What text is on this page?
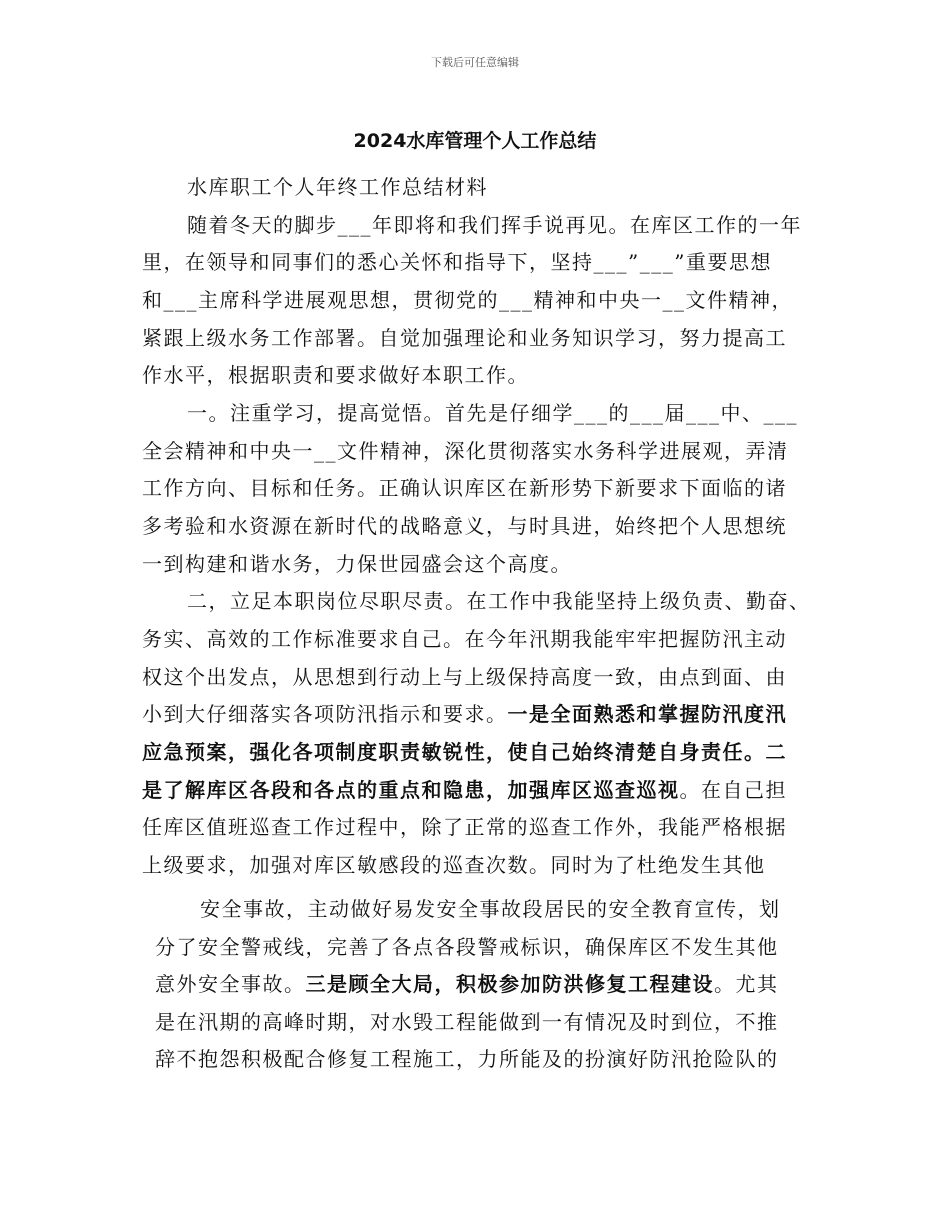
下载后可任意编辑
2024水库管理个人工作总结
水库职工个人年终工作总结材料
随着冬天的脚步___年即将和我们挥手说再见。在库区工作的一年
里，在领导和同事们的悉心关怀和指导下，坚持___”___”重要思想
和___主席科学进展观思想，贯彻党的___精神和中央一__文件精神，
紧跟上级水务工作部署。自觉加强理论和业务知识学习，努力提高工
作水平，根据职责和要求做好本职工作。
一。注重学习，提高觉悟。首先是仔细学___的___届___中、___
全会精神和中央一__文件精神，深化贯彻落实水务科学进展观，弄清
工作方向、目标和任务。正确认识库区在新形势下新要求下面临的诸
多考验和水资源在新时代的战略意义，与时具进，始终把个人思想统
一到构建和谐水务，力保世园盛会这个高度。
二，立足本职岗位尽职尽责。在工作中我能坚持上级负责、勤奋、
务实、高效的工作标准要求自己。在今年汛期我能牢牢把握防汛主动
权这个出发点，从思想到行动上与上级保持高度一致，由点到面、由
小到大仔细落实各项防汛指示和要求。一是全面熟悉和掌握防汛度汛
应急预案，强化各项制度职责敏锐性，使自己始终清楚自身责任。二
是了解库区各段和各点的重点和隐患，加强库区巡查巡视。在自己担
任库区值班巡查工作过程中，除了正常的巡查工作外，我能严格根据
上级要求，加强对库区敏感段的巡查次数。同时为了杜绝发生其他
安全事故，主动做好易发安全事故段居民的安全教育宣传，划
分了安全警戒线，完善了各点各段警戒标识，确保库区不发生其他
意外安全事故。三是顾全大局，积极参加防洪修复工程建设。尤其
是在汛期的高峰时期，对水毁工程能做到一有情况及时到位，不推
辞不抱怨积极配合修复工程施工，力所能及的扮演好防汛抢险队的
